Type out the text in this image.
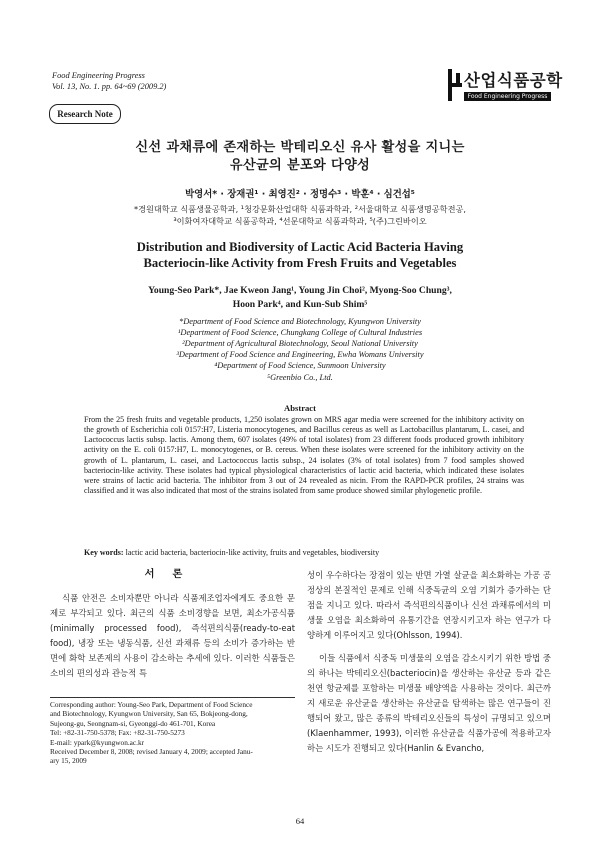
Food Engineering Progress
Vol. 13, No. 1. pp. 64~69 (2009.2)	산업식품공학
Food Engineering Progress
Research Note
신선 과채류에 존재하는 박테리오신 유사 활성을 지니는
유산균의 분포와 다양성
박영서* · 장재권¹ · 최영진² · 정명수³ · 박훈⁴ · 심건섭⁵
*경원대학교 식품생물공학과, ¹청강문화산업대학 식품과학과, ²서울대학교 식품생명공학전공,
³이화여자대학교 식품공학과, ⁴선문대학교 식품과학과, ⁵(주)그린바이오
Distribution and Biodiversity of Lactic Acid Bacteria Having
Bacteriocin-like Activity from Fresh Fruits and Vegetables
Young-Seo Park*, Jae Kweon Jang¹, Young Jin Choi², Myong-Soo Chung³,
Hoon Park⁴, and Kun-Sub Shim⁵
*Department of Food Science and Biotechnology, Kyungwon University
¹Department of Food Science, Chungkang College of Cultural Industries
²Department of Agricultural Biotechnology, Seoul National University
³Department of Food Science and Engineering, Ewha Womans University
⁴Department of Food Science, Sunmoon University
⁵Greenbio Co., Ltd.
Abstract

From the 25 fresh fruits and vegetable products, 1,250 isolates grown on MRS agar media were screened for the inhibitory activity on the growth of Escherichia coli 0157:H7, Listeria monocytogenes, and Bacillus cereus as well as Lactobacillus plantarum, L. casei, and Lactococcus lactis subsp. lactis. Among them, 607 isolates (49% of total isolates) from 23 different foods produced growth inhibitory activity on the E. coli 0157:H7, L. monocytogenes, or B. cereus. When these isolates were screened for the inhibitory activity on the growth of L. plantarum, L. casei, and Lactococcus lactis subsp., 24 isolates (3% of total isolates) from 7 food samples showed bacteriocin-like activity. These isolates had typical physiological characteristics of lactic acid bacteria, which indicated these isolates were strains of lactic acid bacteria. The inhibitor from 3 out of 24 revealed as nicin. From the RAPD-PCR profiles, 24 strains was classified and it was also indicated that most of the strains isolated from same produce showed similar phylogenetic profile.

Key words: lactic acid bacteria, bacteriocin-like activity, fruits and vegetables, biodiversity
서론

식품 안전은 소비자뿐만 아니라 식품제조업자에게도 중요한 문제로 부각되고 있다. 최근의 식품 소비경향을 보면, 최소가공식품(minimally processed food), 즉석편의식품(ready-to-eat food), 냉장 또는 냉동식품, 신선 과채류 등의 소비가 증가하는 반면에 화학 보존제의 사용이 감소하는 추세에 있다. 이러한 식품들은 소비의 편의성과 관능적 특

성이 우수하다는 장점이 있는 반면 가열 살균을 최소화하는 가공 공정상의 본질적인 문제로 인해 식중독균의 오염 기회가 증가하는 단점을 지니고 있다. 따라서 즉석편의식품이나 신선 과채류에서의 미생물 오염을 최소화하여 유통기간을 연장시키고자 하는 연구가 다양하게 이루어지고 있다(Ohlsson, 1994).

이들 식품에서 식중독 미생물의 오염을 감소시키기 위한 방법 중의 하나는 박테리오신(bacteriocin)을 생산하는 유산균 등과 같은 천연 항균제를 포함하는 미생물 배양액을 사용하는 것이다. 최근까지 새로운 유산균을 생산하는 유산균을 탐색하는 많은 연구들이 진행되어 왔고, 많은 종류의 박테리오신들의 특성이 규명되고 있으며(Klaenhammer, 1993), 이러한 유산균을 식품가공에 적용하고자 하는 시도가 진행되고 있다(Hanlin & Evancho,

Corresponding author: Young-Seo Park, Department of Food Science
and Biotechnology, Kyungwon University, San 65, Bokjeong-dong,
Sujeong-gu, Seongnam-si, Gyeonggi-do 461-701, Korea
Tel: +82-31-750-5378; Fax: +82-31-750-5273
E-mail: ypark@kyungwon.ac.kr
Received December 8, 2008; revised January 4, 2009; accepted Janu-
ary 15, 2009
64
